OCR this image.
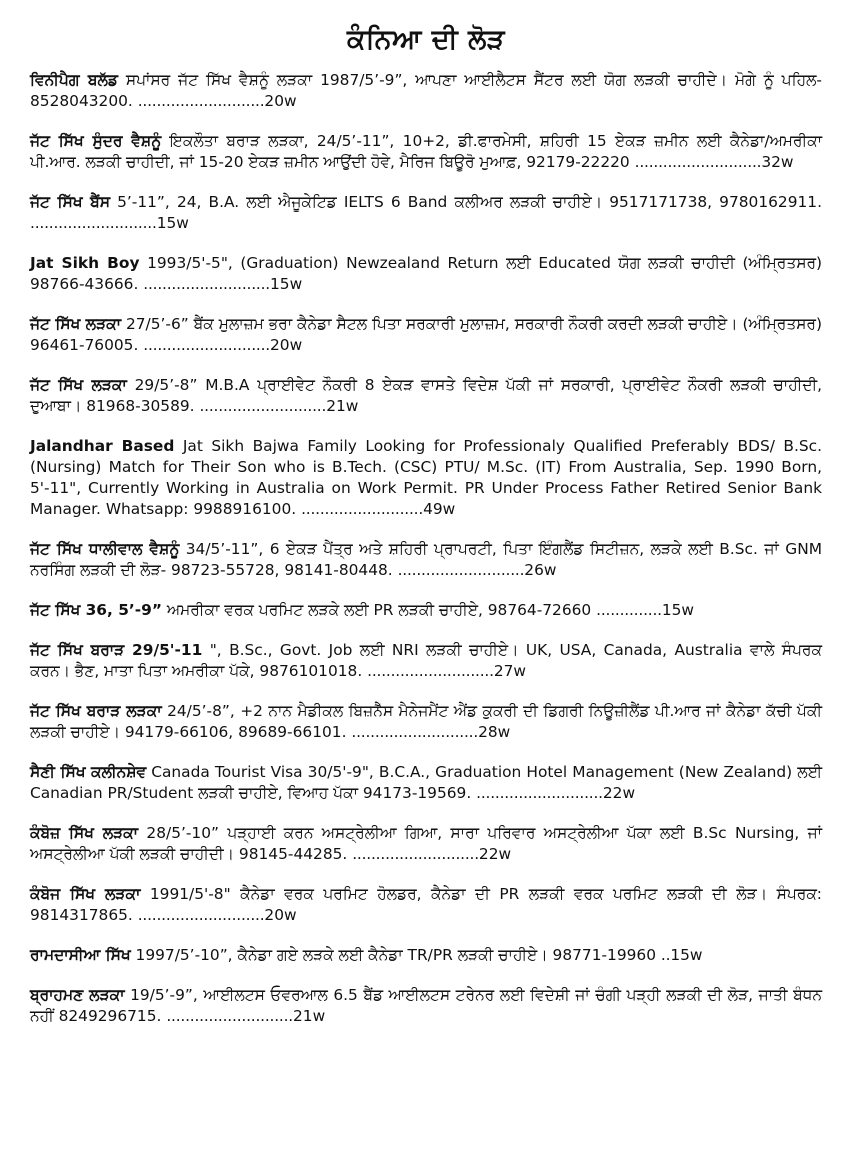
ਕੰਨਿਆ ਦੀ ਲੋੜ
ਵਿਨੀਪੈਗ ਬਲੱਡ ਸਪਾਂਸਰ ਜੱਟ ਸਿੱਖ ਵੈਸ਼ਨੂੰ ਲੜਕਾ 1987/5’-9”, ਆਪਣਾ ਆਈਲੈਟਸ ਸੈਂਟਰ ਲਈ ਯੋਗ ਲੜਕੀ ਚਾਹੀਦੇ। ਮੋਗੇ ਨੂੰ ਪਹਿਲ- 8528043200. ...........................20w
ਜੱਟ ਸਿੱਖ ਸੁੰਦਰ ਵੈਸ਼ਨੂੰ ਇਕਲੌਤਾ ਬਰਾੜ ਲੜਕਾ, 24/5’-11”, 10+2, ਡੀ.ਫਾਰਮੇਸੀ, ਸ਼ਹਿਰੀ 15 ਏਕੜ ਜ਼ਮੀਨ ਲਈ ਕੈਨੇਡਾ/ਅਮਰੀਕਾ ਪੀ.ਆਰ. ਲੜਕੀ ਚਾਹੀਦੀ, ਜਾਂ 15-20 ਏਕੜ ਜ਼ਮੀਨ ਆਉਂਦੀ ਹੋਵੇ, ਮੈਰਿਜ ਬਿਊਰੋ ਮੁਆਫ਼, 92179-22220 ...........................32w
ਜੱਟ ਸਿੱਖ ਬੈਂਸ 5’-11”, 24, B.A. ਲਈ ਐਜੂਕੇਟਿਡ IELTS 6 Band ਕਲੀਅਰ ਲੜਕੀ ਚਾਹੀਏ। 9517171738, 9780162911. ...........................15w
Jat Sikh Boy 1993/5'-5", (Graduation) Newzealand Return ਲਈ Educated ਯੋਗ ਲੜਕੀ ਚਾਹੀਦੀ (ਅੰਮ੍ਰਿਤਸਰ) 98766-43666. ...........................15w
ਜੱਟ ਸਿੱਖ ਲੜਕਾ 27/5’-6” ਬੈਂਕ ਮੁਲਾਜ਼ਮ ਭਰਾ ਕੈਨੇਡਾ ਸੈਟਲ ਪਿਤਾ ਸਰਕਾਰੀ ਮੁਲਾਜ਼ਮ, ਸਰਕਾਰੀ ਨੌਕਰੀ ਕਰਦੀ ਲੜਕੀ ਚਾਹੀਏ। (ਅੰਮ੍ਰਿਤਸਰ) 96461-76005. ...........................20w
ਜੱਟ ਸਿੱਖ ਲੜਕਾ 29/5’-8” M.B.A ਪ੍ਰਾਈਵੇਟ ਨੌਕਰੀ 8 ਏਕੜ ਵਾਸਤੇ ਵਿਦੇਸ਼ ਪੱਕੀ ਜਾਂ ਸਰਕਾਰੀ, ਪ੍ਰਾਈਵੇਟ ਨੌਕਰੀ ਲੜਕੀ ਚਾਹੀਦੀ, ਦੁਆਬਾ। 81968-30589. ...........................21w
Jalandhar Based Jat Sikh Bajwa Family Looking for Professionaly Qualified Preferably BDS/ B.Sc. (Nursing) Match for Their Son who is B.Tech. (CSC) PTU/ M.Sc. (IT) From Australia, Sep. 1990 Born, 5'-11", Currently Working in Australia on Work Permit. PR Under Process Father Retired Senior Bank Manager. Whatsapp: 9988916100. ..........................49w
ਜੱਟ ਸਿੱਖ ਧਾਲੀਵਾਲ ਵੈਸ਼ਨੂੰ 34/5’-11”, 6 ਏਕੜ ਪੈਂਤ੍ਰ ਅਤੇ ਸ਼ਹਿਰੀ ਪ੍ਰਾਪਰਟੀ, ਪਿਤਾ ਇੰਗਲੈਂਡ ਸਿਟੀਜ਼ਨ, ਲੜਕੇ ਲਈ B.Sc. ਜਾਂ GNM ਨਰਸਿੰਗ ਲੜਕੀ ਦੀ ਲੋੜ- 98723-55728, 98141-80448. ...........................26w
ਜੱਟ ਸਿੱਖ 36, 5’-9” ਅਮਰੀਕਾ ਵਰਕ ਪਰਮਿਟ ਲੜਕੇ ਲਈ PR ਲੜਕੀ ਚਾਹੀਏ, 98764-72660 ..............15w
ਜੱਟ ਸਿੱਖ ਬਰਾੜ 29/5'-11 ", B.Sc., Govt. Job ਲਈ NRI ਲੜਕੀ ਚਾਹੀਏ। UK, USA, Canada, Australia ਵਾਲੇ ਸੰਪਰਕ ਕਰਨ। ਭੈਣ, ਮਾਤਾ ਪਿਤਾ ਅਮਰੀਕਾ ਪੱਕੇ, 9876101018. ...........................27w
ਜੱਟ ਸਿੱਖ ਬਰਾੜ ਲੜਕਾ 24/5’-8”, +2 ਨਾਨ ਮੈਡੀਕਲ ਬਿਜ਼ਨੈੱਸ ਮੈਨੇਜਮੈਂਟ ਐਂਡ ਕੁਕਰੀ ਦੀ ਡਿਗਰੀ ਨਿਊਜ਼ੀਲੈਂਡ ਪੀ.ਆਰ ਜਾਂ ਕੈਨੇਡਾ ਕੱਚੀ ਪੱਕੀ ਲੜਕੀ ਚਾਹੀਏ। 94179-66106, 89689-66101. ...........................28w
ਸੈਣੀ ਸਿੱਖ ਕਲੀਨਸ਼ੇਵ Canada Tourist Visa 30/5'-9", B.C.A., Graduation Hotel Management (New Zealand) ਲਈ Canadian PR/Student ਲੜਕੀ ਚਾਹੀਏ, ਵਿਆਹ ਪੱਕਾ 94173-19569. ...........................22w
ਕੰਬੋਜ਼ ਸਿੱਖ ਲੜਕਾ 28/5’-10” ਪੜ੍ਹਾਈ ਕਰਨ ਅਸਟ੍ਰੇਲੀਆ ਗਿਆ, ਸਾਰਾ ਪਰਿਵਾਰ ਅਸਟ੍ਰੇਲੀਆ ਪੱਕਾ ਲਈ B.Sc Nursing, ਜਾਂ ਅਸਟ੍ਰੇਲੀਆ ਪੱਕੀ ਲੜਕੀ ਚਾਹੀਦੀ। 98145-44285. ...........................22w
ਕੰਬੋਜ ਸਿੱਖ ਲੜਕਾ 1991/5'-8" ਕੈਨੇਡਾ ਵਰਕ ਪਰਮਿਟ ਹੋਲਡਰ, ਕੈਨੇਡਾ ਦੀ PR ਲੜਕੀ ਵਰਕ ਪਰਮਿਟ ਲੜਕੀ ਦੀ ਲੋੜ। ਸੰਪਰਕ: 9814317865. ...........................20w
ਰਾਮਦਾਸੀਆ ਸਿੱਖ 1997/5’-10”, ਕੈਨੇਡਾ ਗਏ ਲੜਕੇ ਲਈ ਕੈਨੇਡਾ TR/PR ਲੜਕੀ ਚਾਹੀਏ। 98771-19960 ..15w
ਬ੍ਰਾਹਮਣ ਲੜਕਾ 19/5’-9”, ਆਈਲਟਸ ਓਵਰਆਲ 6.5 ਬੈਂਡ ਆਈਲਟਸ ਟਰੇਨਰ ਲਈ ਵਿਦੇਸ਼ੀ ਜਾਂ ਚੰਗੀ ਪੜ੍ਹੀ ਲੜਕੀ ਦੀ ਲੋੜ, ਜਾਤੀ ਬੰਧਨ ਨਹੀਂ 8249296715. ...........................21w
